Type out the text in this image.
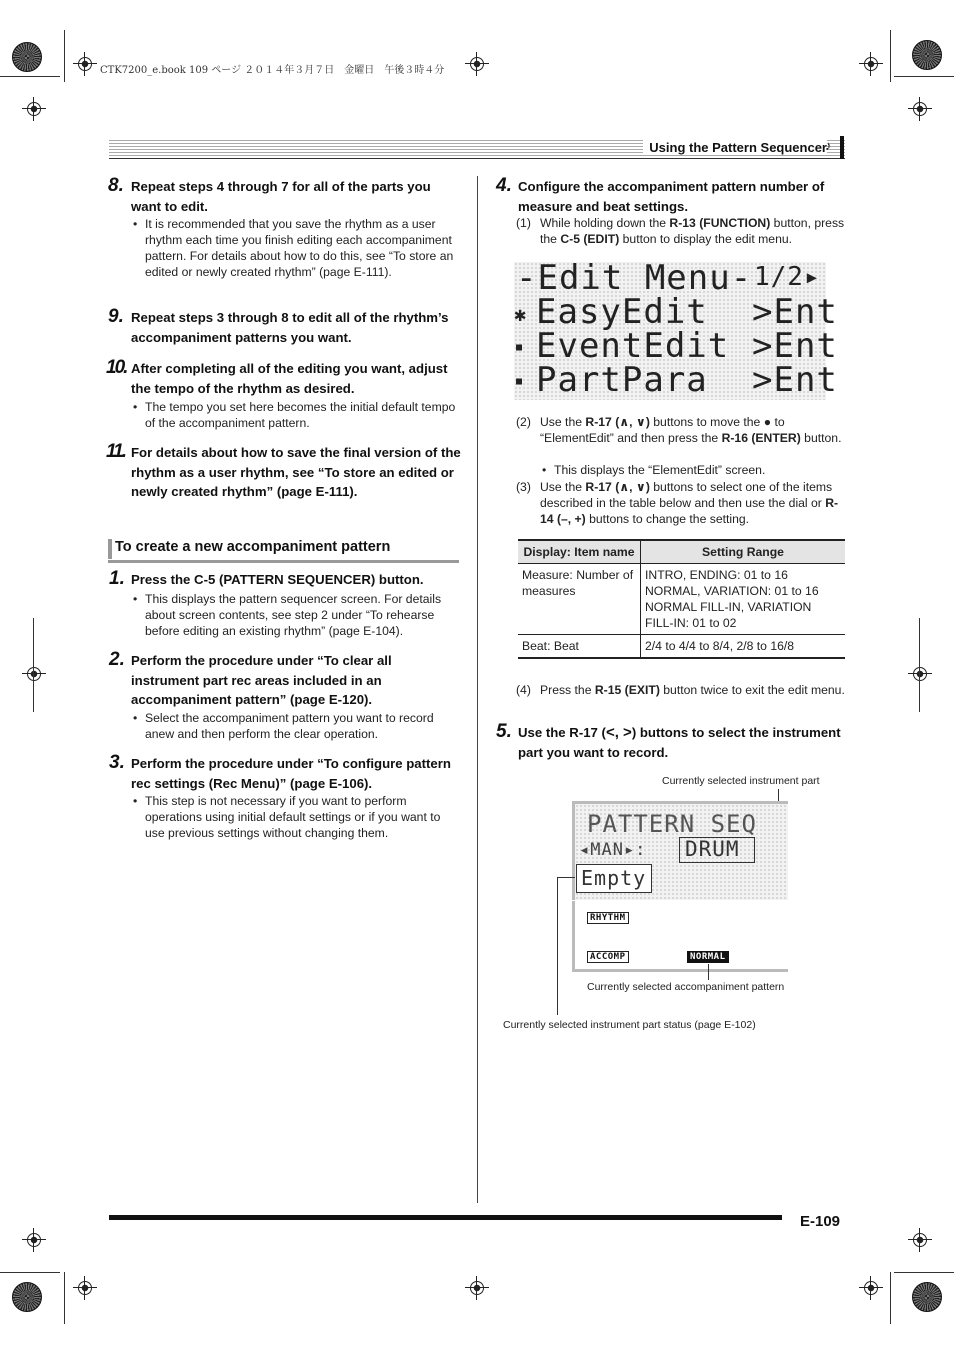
CTK7200_e.book 109 ページ ２０１４年３月７日　金曜日　午後３時４分
Using the Pattern Sequencer
♪
8. Repeat steps 4 through 7 for all of the parts you want to edit.
• It is recommended that you save the rhythm as a user rhythm each time you finish editing each accompaniment pattern. For details about how to do this, see “To store an edited or newly created rhythm” (page E-111).
9. Repeat steps 3 through 8 to edit all of the rhythm’s accompaniment patterns you want.
10. After completing all of the editing you want, adjust the tempo of the rhythm as desired.
• The tempo you set here becomes the initial default tempo of the accompaniment pattern.
11. For details about how to save the final version of the rhythm as a user rhythm, see “To store an edited or newly created rhythm” (page E-111).
To create a new accompaniment pattern
1. Press the C-5 (PATTERN SEQUENCER) button.
• This displays the pattern sequencer screen. For details about screen contents, see step 2 under “To rehearse before editing an existing rhythm” (page E-104).
2. Perform the procedure under “To clear all instrument part rec areas included in an accompaniment pattern” (page E-120).
• Select the accompaniment pattern you want to record anew and then perform the clear operation.
3. Perform the procedure under “To configure pattern rec settings (Rec Menu)” (page E-106).
• This step is not necessary if you want to perform operations using initial default settings or if you want to use previous settings without changing them.
4. Configure the accompaniment pattern number of measure and beat settings.
(1) While holding down the R-13 (FUNCTION) button, press the C-5 (EDIT) button to display the edit menu.
-Edit Menu- 1/2▸
✱ EasyEdit >Ent
■ EventEdit >Ent
■ PartPara >Ent
(2) Use the R-17 (∧, ∨) buttons to move the ● to “ElementEdit” and then press the R-16 (ENTER) button.
• This displays the “ElementEdit” screen.
(3) Use the R-17 (∧, ∨) buttons to select one of the items described in the table below and then use the dial or R-14 (–, +) buttons to change the setting.
Display: Item name	Setting Range
Measure: Number of measures	INTRO, ENDING: 01 to 16
NORMAL, VARIATION: 01 to 16
NORMAL FILL-IN, VARIATION FILL-IN: 01 to 02
Beat: Beat	2/4 to 4/4 to 8/4, 2/8 to 16/8
(4) Press the R-15 (EXIT) button twice to exit the edit menu.
5. Use the R-17 (<, >) buttons to select the instrument part you want to record.
Currently selected instrument part
PATTERN SEQ
◂MAN▸: DRUM
Empty
RHYTHM
ACCOMP	NORMAL
Currently selected accompaniment pattern
Currently selected instrument part status (page E-102)
E-109
